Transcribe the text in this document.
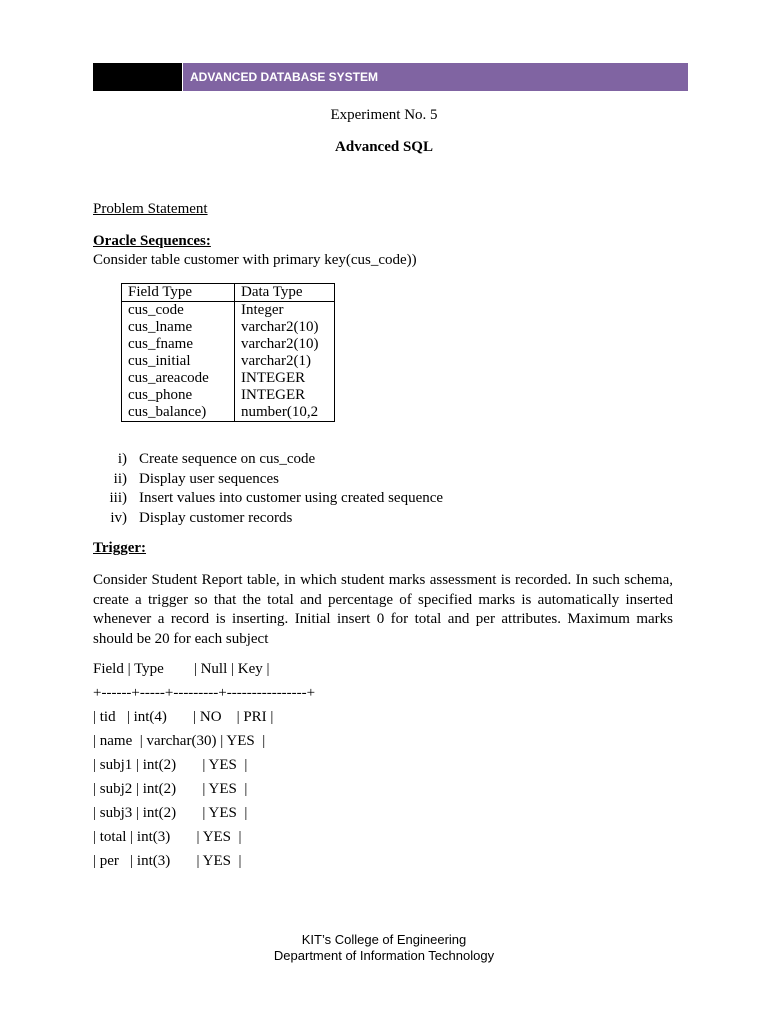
ADVANCED DATABASE SYSTEM
Experiment No. 5
Advanced SQL
Problem Statement
Oracle Sequences:
Consider table customer with primary key(cus_code))
Field Type	Data Type
cus_code	Integer
cus_lname	varchar2(10)
cus_fname	varchar2(10)
cus_initial	varchar2(1)
cus_areacode	INTEGER
cus_phone	INTEGER
cus_balance)	number(10,2
i) Create sequence on cus_code
ii) Display user sequences
iii) Insert values into customer using created sequence
iv) Display customer records
Trigger:
Consider Student Report table, in which student marks assessment is recorded. In such schema, create a trigger so that the total and percentage of specified marks is automatically inserted whenever a record is inserting. Initial insert 0 for total and per attributes. Maximum marks should be 20 for each subject
Field | Type        | Null | Key |
+------+-----+---------+----------------+
| tid   | int(4)       | NO    | PRI |
| name  | varchar(30) | YES  |
| subj1 | int(2)       | YES  |
| subj2 | int(2)       | YES  |
| subj3 | int(2)       | YES  |
| total | int(3)       | YES  |
| per   | int(3)       | YES  |
KIT’s College of Engineering
Department of Information Technology
